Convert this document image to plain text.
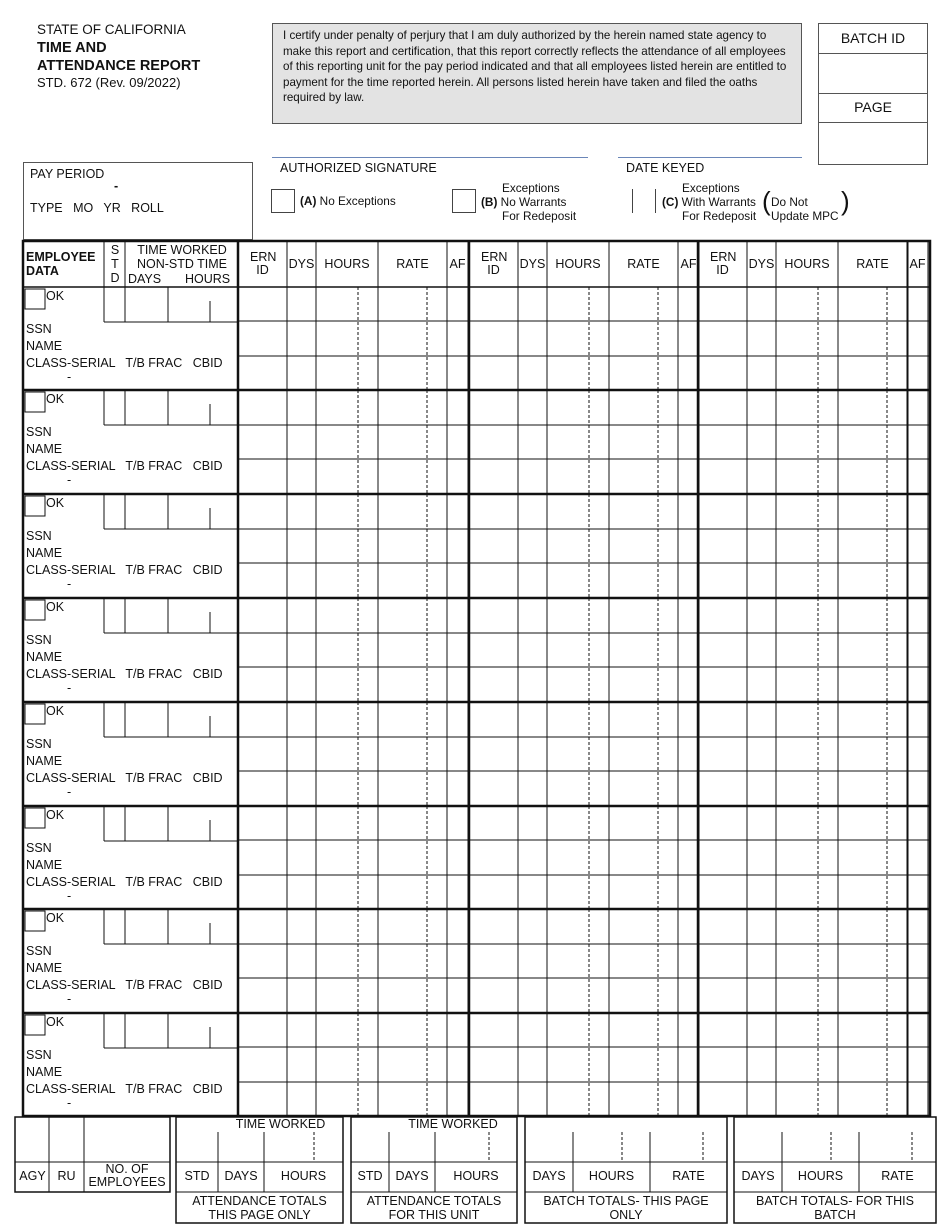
STATE OF CALIFORNIA
TIME AND
ATTENDANCE REPORT
STD. 672 (Rev. 09/2022)
I certify under penalty of perjury that I am duly authorized by the herein named state agency to make this report and certification, that this report correctly reflects the attendance of all employees of this reporting unit for the pay period indicated and that all employees listed herein are entitled to payment for the time reported herein. All persons listed herein have taken and filed the oaths required by law.
BATCH ID
PAGE
PAY PERIOD
-
TYPE   MO   YR   ROLL
AUTHORIZED SIGNATURE	DATE KEYED
(A) No Exceptions
Exceptions
(B) No Warrants
For Redeposit
Exceptions
(C) With Warrants
For Redeposit ( Do Not
Update MPC )
OK
SSN
NAME
CLASS-SERIAL   T/B FRAC   CBID
-
OK
SSN
NAME
CLASS-SERIAL   T/B FRAC   CBID
-
OK
SSN
NAME
CLASS-SERIAL   T/B FRAC   CBID
-
OK
SSN
NAME
CLASS-SERIAL   T/B FRAC   CBID
-
OK
SSN
NAME
CLASS-SERIAL   T/B FRAC   CBID
-
OK
SSN
NAME
CLASS-SERIAL   T/B FRAC   CBID
-
OK
SSN
NAME
CLASS-SERIAL   T/B FRAC   CBID
-
OK
SSN
NAME
CLASS-SERIAL   T/B FRAC   CBID
-
EMPLOYEE DATA
S
T
D
TIME WORKED
NON-STD TIME
DAYS	HOURS
ERN ID	DYS HOURS	RATE	AF	ERN ID	DYS HOURS	RATE	AF	ERN ID	DYS HOURS	RATE	AF
AGY RU	NO. OF EMPLOYEES	STD	DAYS	HOURS
TIME WORKED
ATTENDANCE TOTALS THIS PAGE ONLY
STD	DAYS	HOURS
TIME WORKED
ATTENDANCE TOTALS FOR THIS UNIT
DAYS	HOURS	RATE
BATCH TOTALS- THIS PAGE ONLY
DAYS	HOURS	RATE
BATCH TOTALS- FOR THIS BATCH
